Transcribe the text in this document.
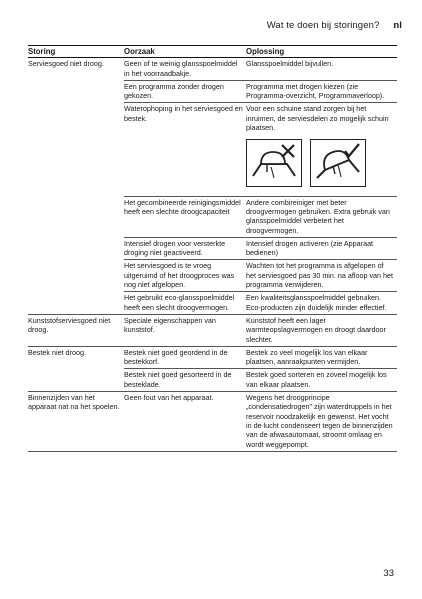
Wat te doen bij storingen? nl
Storing	Oorzaak	Oplossing
Serviesgoed niet droog.	Geen of te weinig glansspoelmiddel in het voorraadbakje.	Glansspoelmiddel bijvullen.
	Een programma zonder drogen gekozen.	Programma met drogen kiezen (zie Programma-overzicht, Programmaverloop).
	Waterophoping in het serviesgoed en bestek.	Voor een schuine stand zorgen bij het inruimen, de serviesdelen zo mogelijk schuin plaatsen.

	Het gecombineerde reinigingsmiddel heeft een slechte droogcapaciteit	Andere combireiniger met beter droogvermogen gebruiken. Extra gebruik van glansspoelmiddel verbetert het droogvermogen.
	Intensief drogen voor versterkte droging niet geactiveerd.	Intensief drogen activeren (zie Apparaat bedienen)
	Het serviesgoed is te vroeg uitgeruimd of het droogproces was nog niet afgelopen.	Wachten tot het programma is afgelopen of het serviesgoed pas 30 min. na afloop van het programma verwijderen.
	Het gebruikt eco-glansspoelmiddel heeft een slecht droogvermogen.	Een kwaliteitsglansspoelmiddel gebruiken. Eco-producten zijn duidelijk minder effectief.
Kunststofserviesgoed niet droog.	Speciale eigenschappen van kunststof.	Kunststof heeft een lager warmteopslagvermogen en droogt daardoor slechter.
Bestek niet droog.	Bestek niet goed geordend in de bestekkorf.	Bestek zo veel mogelijk los van elkaar plaatsen, aanraakpunten vermijden.
	Bestek niet goed gesorteerd in de besteklade.	Bestek goed sorteren en zoveel mogelijk los van elkaar plaatsen.
Binnenzijden van het apparaat nat na het spoelen.	Geen fout van het apparaat.	Wegens het droogprincipe „condensatiedrogen" zijn waterdruppels in het reservoir noodzakelijk en gewenst. Het vocht in de lucht condenseert tegen de binnenzijden van de afwasautomaat, stroomt omlaag en wordt weggepompt.
33
